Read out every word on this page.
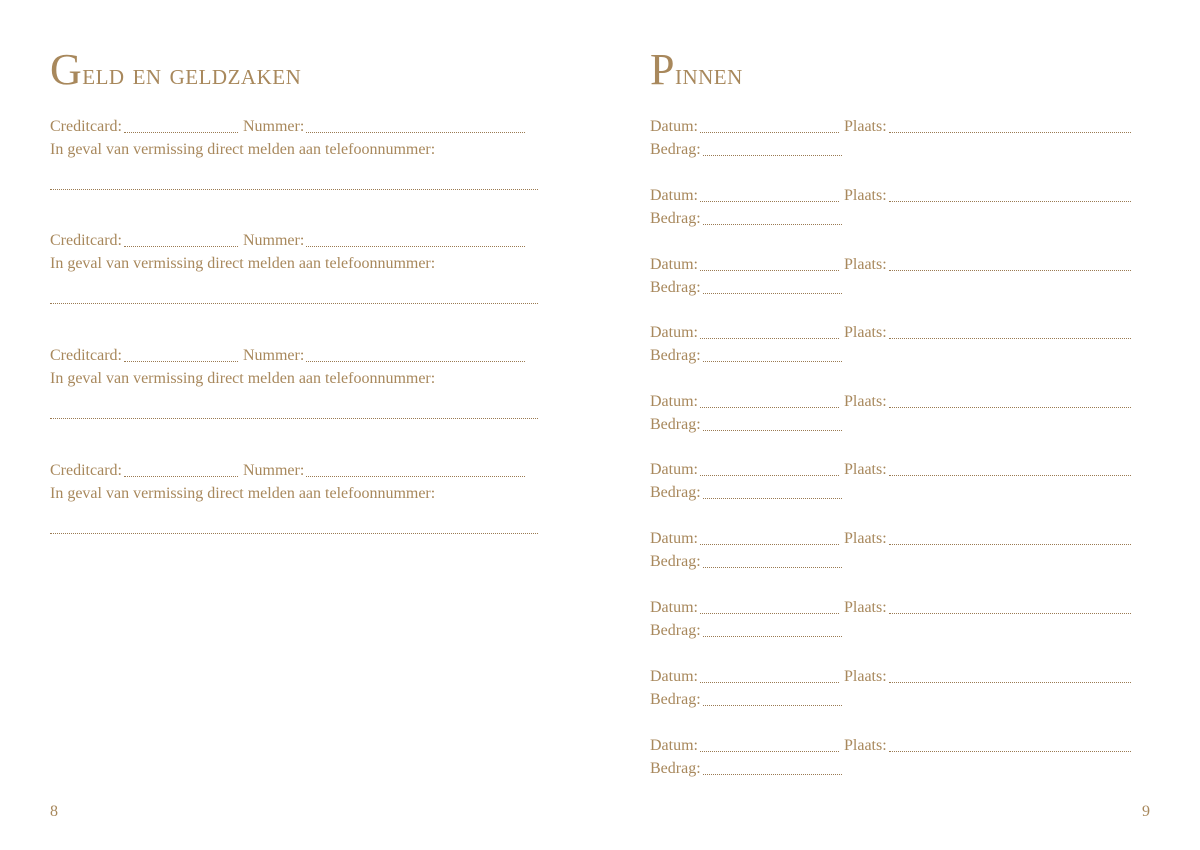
Geld en geldzaken
Creditcard:	Nummer:
In geval van vermissing direct melden aan telefoonnummer:
Creditcard:	Nummer:
In geval van vermissing direct melden aan telefoonnummer:
Creditcard:	Nummer:
In geval van vermissing direct melden aan telefoonnummer:
Creditcard:	Nummer:
In geval van vermissing direct melden aan telefoonnummer:
8
Pinnen
Datum:	Plaats:
Bedrag:
Datum:	Plaats:
Bedrag:
Datum:	Plaats:
Bedrag:
Datum:	Plaats:
Bedrag:
Datum:	Plaats:
Bedrag:
Datum:	Plaats:
Bedrag:
Datum:	Plaats:
Bedrag:
Datum:	Plaats:
Bedrag:
Datum:	Plaats:
Bedrag:
Datum:	Plaats:
Bedrag:
9
